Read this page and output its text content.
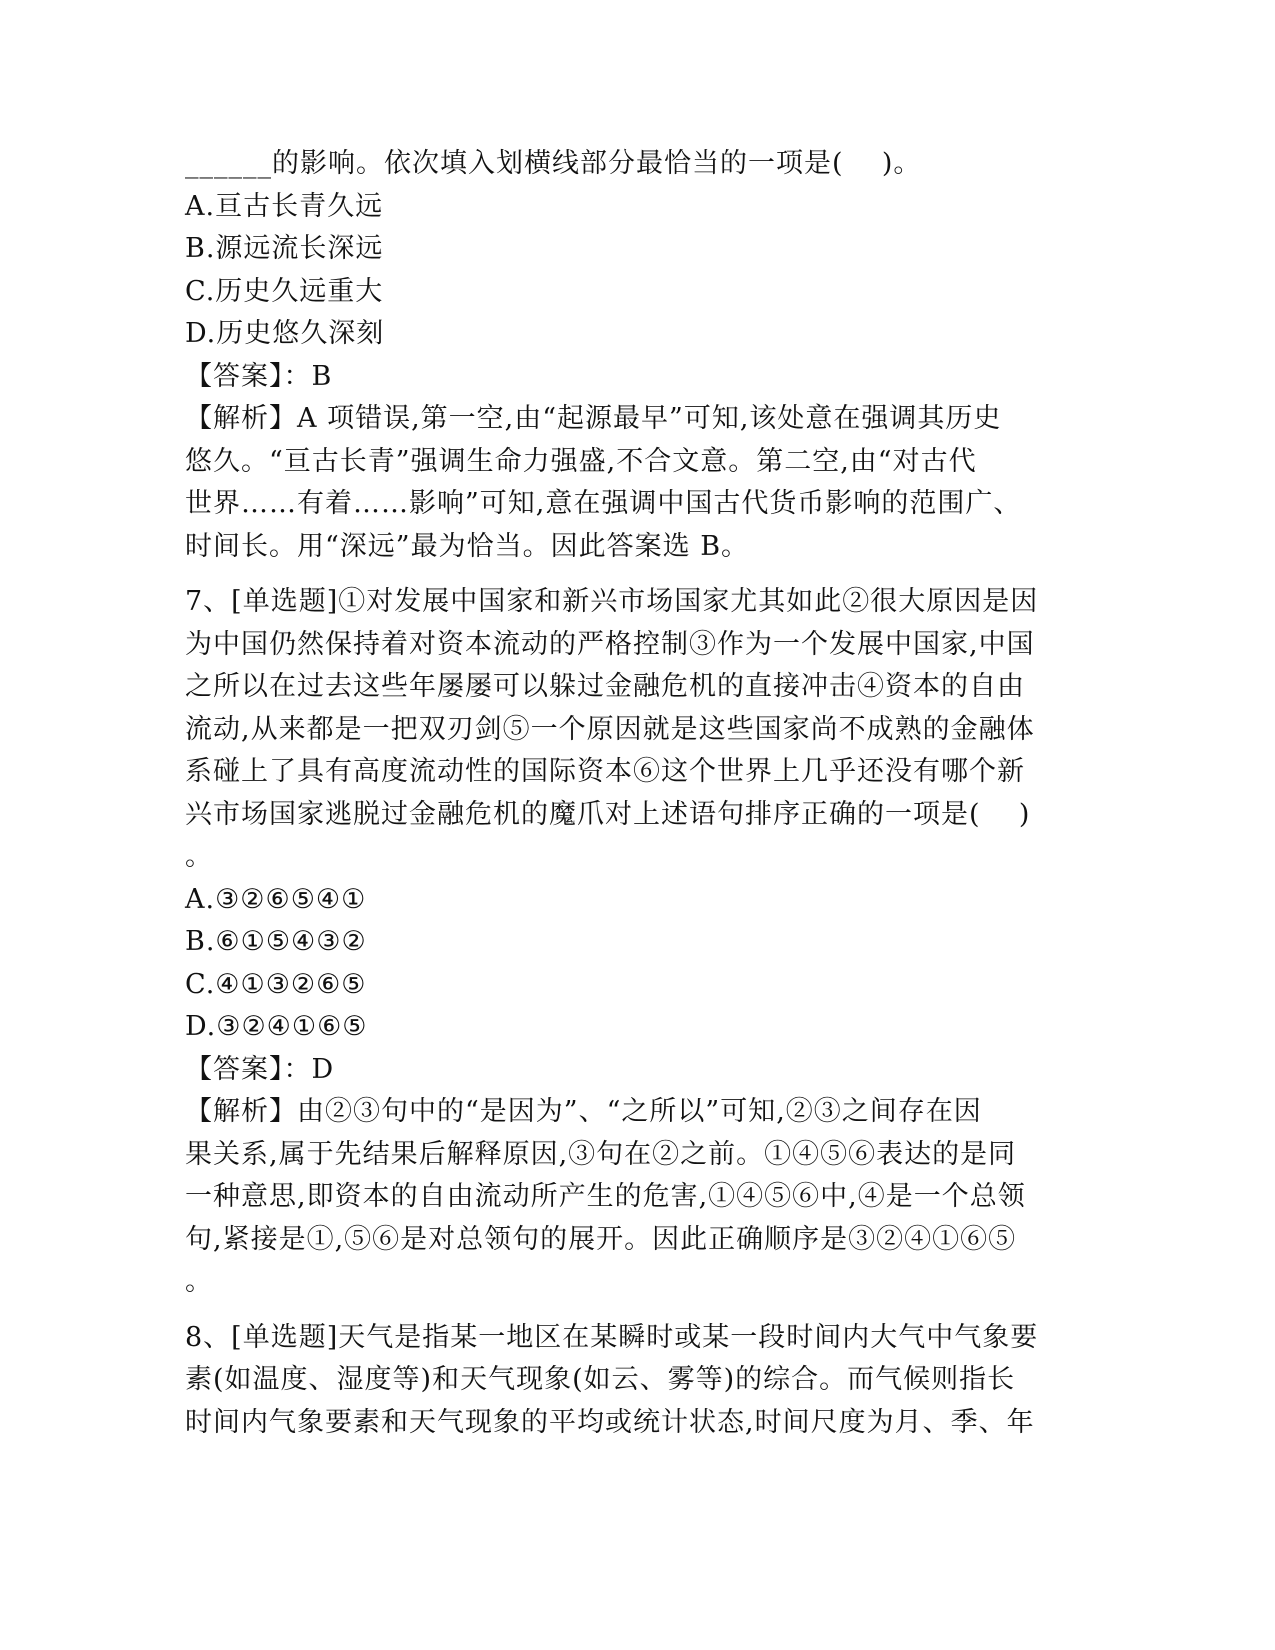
______的影响。依次填入划横线部分最恰当的一项是(    )。
A.亘古长青久远
B.源远流长深远
C.历史久远重大
D.历史悠久深刻
【答案】：B
【解析】A 项错误,第一空,由“起源最早”可知,该处意在强调其历史
悠久。“亘古长青”强调生命力强盛,不合文意。第二空,由“对古代
世界……有着……影响”可知,意在强调中国古代货币影响的范围广、
时间长。用“深远”最为恰当。因此答案选 B。
7、[单选题]①对发展中国家和新兴市场国家尤其如此②很大原因是因
为中国仍然保持着对资本流动的严格控制③作为一个发展中国家,中国
之所以在过去这些年屡屡可以躲过金融危机的直接冲击④资本的自由
流动,从来都是一把双刃剑⑤一个原因就是这些国家尚不成熟的金融体
系碰上了具有高度流动性的国际资本⑥这个世界上几乎还没有哪个新
兴市场国家逃脱过金融危机的魔爪对上述语句排序正确的一项是(    )
。
A.③②⑥⑤④①
B.⑥①⑤④③②
C.④①③②⑥⑤
D.③②④①⑥⑤
【答案】：D
【解析】由②③句中的“是因为”、“之所以”可知,②③之间存在因
果关系,属于先结果后解释原因,③句在②之前。①④⑤⑥表达的是同
一种意思,即资本的自由流动所产生的危害,①④⑤⑥中,④是一个总领
句,紧接是①,⑤⑥是对总领句的展开。因此正确顺序是③②④①⑥⑤
。
8、[单选题]天气是指某一地区在某瞬时或某一段时间内大气中气象要
素(如温度、湿度等)和天气现象(如云、雾等)的综合。而气候则指长
时间内气象要素和天气现象的平均或统计状态,时间尺度为月、季、年
